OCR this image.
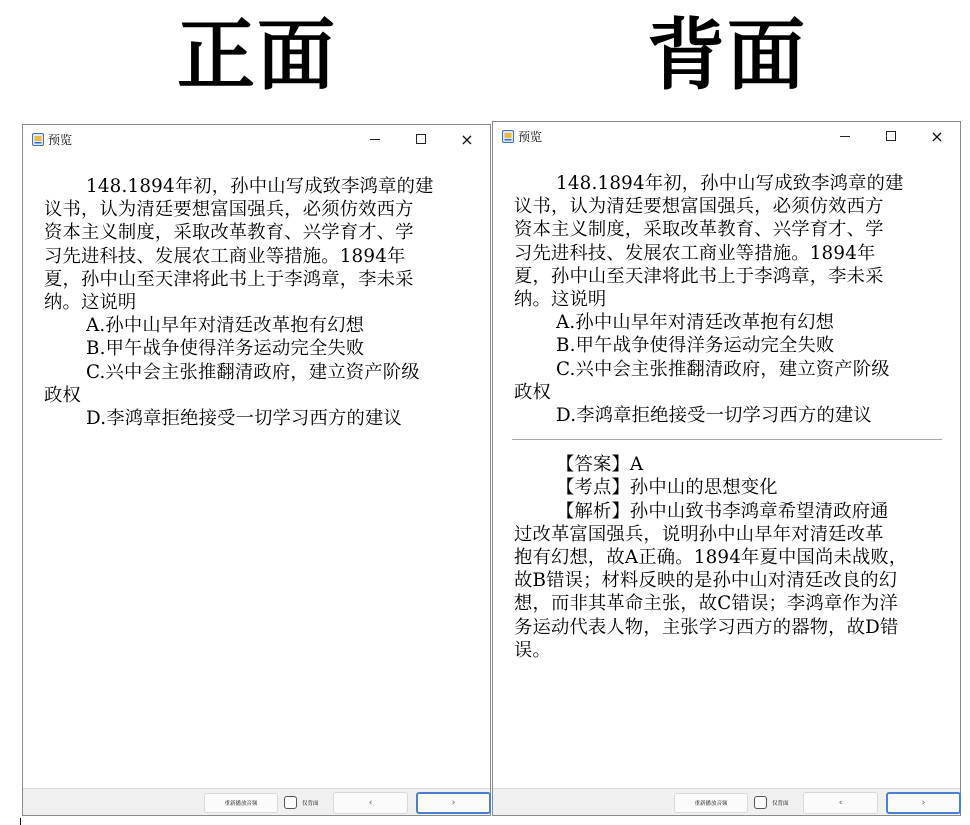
正面	背面
预览	×
148.1894年初，孙中山写成致李鸿章的建
议书，认为清廷要想富国强兵，必须仿效西方
资本主义制度，采取改革教育、兴学育才、学
习先进科技、发展农工商业等措施。1894年
夏，孙中山至天津将此书上于李鸿章，李未采
纳。这说明
A.孙中山早年对清廷改革抱有幻想
B.甲午战争使得洋务运动完全失败
C.兴中会主张推翻清政府，建立资产阶级
政权
D.李鸿章拒绝接受一切学习西方的建议
重新播放音频	仅背面	‹	›
预览	×
148.1894年初，孙中山写成致李鸿章的建
议书，认为清廷要想富国强兵，必须仿效西方
资本主义制度，采取改革教育、兴学育才、学
习先进科技、发展农工商业等措施。1894年
夏，孙中山至天津将此书上于李鸿章，李未采
纳。这说明
A.孙中山早年对清廷改革抱有幻想
B.甲午战争使得洋务运动完全失败
C.兴中会主张推翻清政府，建立资产阶级
政权
D.李鸿章拒绝接受一切学习西方的建议
【答案】A
【考点】孙中山的思想变化
【解析】孙中山致书李鸿章希望清政府通
过改革富国强兵，说明孙中山早年对清廷改革
抱有幻想，故A正确。1894年夏中国尚未战败，
故B错误；材料反映的是孙中山对清廷改良的幻
想，而非其革命主张，故C错误；李鸿章作为洋
务运动代表人物，主张学习西方的器物，故D错
误。
重新播放音频	仅背面	‹	›
